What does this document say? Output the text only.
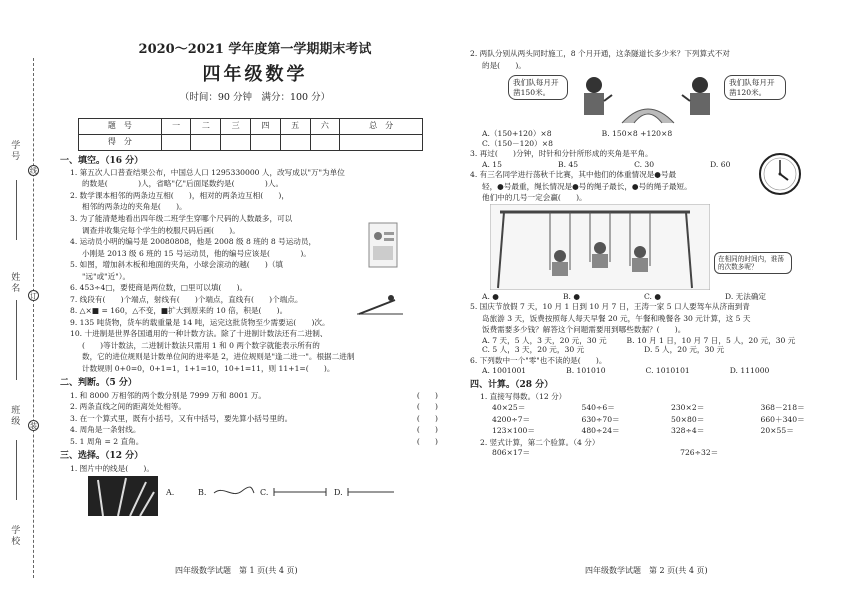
学号
姓名
班级
学校
线
订
装
2020～2021 学年度第一学期期末考试
四年级数学
（时间：90 分钟　满分：100 分）
题　号	一	二	三	四	五	六	总　分
得　分							
一、填空。（16 分）
1. 第五次人口普查结果公布，中国总人口 1295330000 人，改写成以"万"为单位
的数是(　　　　)人，省略"亿"后面尾数约是(　　　　)人。
2. 数学课本相邻的两条边互相(　　)，相对的两条边互相(　　)，
相邻的两条边的夹角是(　　)。
3. 为了能清楚地看出四年级二班学生穿哪个尺码的人数最多，可以
调查并收集完每个学生的校服尺码后画(　　)。
4. 运动员小明的编号是 20080808，他是 2008 级 8 班的 8 号运动员，
小刚是 2013 级 6 班的 15 号运动员，他的编号应该是(　　　　)。
5. 如图，增加斜木板和地面的夹角，小球会滚动的越(　　)（填
"远"或"近"）。
6. 453÷4□，要使商是两位数，□里可以填(　　)。
7. 线段有(　　)个端点，射线有(　　)个端点，直线有(　　)个端点。
8. △×■ = 160，△不变，■扩大到原来的 10 倍，积是(　　)。
9. 135 吨货物，货车的载重量是 14 吨，运完这批货物至少需要运(　　)次。
10. 十进制是世界各国通用的一种计数方法。除了十进制计数法还有二进制、
(　　)等计数法，二进制计数法只需用 1 和 0 两个数字就能表示所有的
数，它的进位规则是计数单位间的进率是 2，进位规则是"逢二进一"。根据二进制
计数规则 0+0=0，0+1=1，1+1=10，10+1=11，则 11+1=(　　)。
二、判断。（5 分）
1. 和 8000 万相邻的两个数分别是 7999 万和 8001 万。	(　　)
2. 两条直线之间的距离处处相等。	(　　)
3. 在一个算式里，既有小括号，又有中括号，要先算小括号里的。	(　　)
4. 周角是一条射线。	(　　)
5. 1 周角 = 2 直角。	(　　)
三、选择。（12 分）
1. 图片中的线是(　　)。
A.	B.	C.	D.
四年级数学试题　第 1 页(共 4 页)
2. 两队分别从两头同时施工，8 个月开通，这条隧道长多少米？下列算式不对
的是(　　)。
我们队每月开凿150米。
我们队每月开凿120米。
A.（150+120）×8	B. 150×8 +120×8
C.（150－120）×8
3. 再过(　　)分钟，时针和分针所形成的夹角是平角。
A. 15	B. 45	C. 30	D. 60
4. 有三名同学进行荡秋千比赛，其中他们的体重情况是●号最
轻，●号最重，绳长情况是●号的绳子最长，●号的绳子最短。
他们中的几号一定会赢(　　)。
在相同的时间内，谁荡的次数多呢？
A. ●	B. ●	C. ●	D. 无法确定
5. 国庆节放假 7 天，10 月 1 日到 10 月 7 日，王涛一家 5 口人要驾车从济南到青
岛旅游 3 天，饭费按照每人每天早餐 20 元，午餐和晚餐各 30 元计算，这 5 天
饭费需要多少钱？解答这个问题需要用到哪些数据？(　　)。
A. 7 天，5 人，3 天，20 元，30 元	B. 10 月 1 日，10 月 7 日，5 人，20 元，30 元
C. 5 人，3 天，20 元，30 元	D. 5 人，20 元，30 元
6. 下列数中一个"零"也不读的是(　　)。
A. 1001001	B. 101010	C. 1010101	D. 111000
四、计算。（28 分）
1. 直接写得数。（12 分）
40×25＝	540÷6＝	230×2＝	368－218＝
4200÷7＝	630÷70＝	50×80＝	660＋340＝
123×100＝	480÷24＝	328÷4＝	20×55＝
2. 竖式计算，第二个验算。（4 分）
806×17＝	726÷32＝
四年级数学试题　第 2 页(共 4 页)
